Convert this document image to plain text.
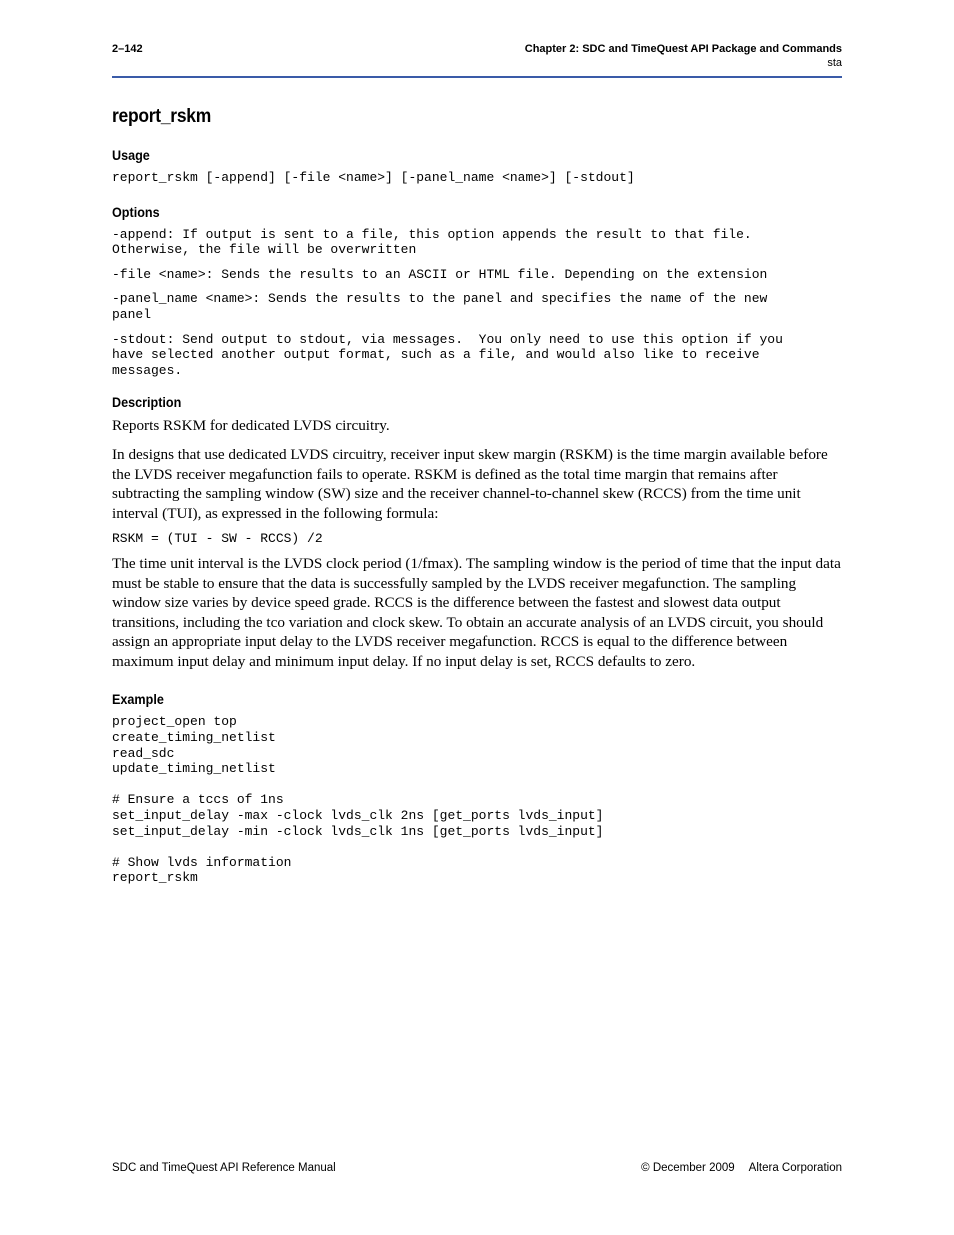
2–142	Chapter 2: SDC and TimeQuest API Package and Commands
sta
report_rskm
Usage

report_rskm [-append] [-file <name>] [-panel_name <name>] [-stdout]

Options

-append: If output is sent to a file, this option appends the result to that file.
Otherwise, the file will be overwritten

-file <name>: Sends the results to an ASCII or HTML file. Depending on the extension

-panel_name <name>: Sends the results to the panel and specifies the name of the new
panel

-stdout: Send output to stdout, via messages.  You only need to use this option if you
have selected another output format, such as a file, and would also like to receive
messages.

Description

Reports RSKM for dedicated LVDS circuitry.

In designs that use dedicated LVDS circuitry, receiver input skew margin (RSKM) is the time margin available before the LVDS receiver megafunction fails to operate. RSKM is defined as the total time margin that remains after subtracting the sampling window (SW) size and the receiver channel-to-channel skew (RCCS) from the time unit interval (TUI), as expressed in the following formula:

RSKM = (TUI - SW - RCCS) /2

The time unit interval is the LVDS clock period (1/fmax). The sampling window is the period of time that the input data must be stable to ensure that the data is successfully sampled by the LVDS receiver megafunction. The sampling window size varies by device speed grade. RCCS is the difference between the fastest and slowest data output transitions, including the tco variation and clock skew. To obtain an accurate analysis of an LVDS circuit, you should assign an appropriate input delay to the LVDS receiver megafunction. RCCS is equal to the difference between maximum input delay and minimum input delay. If no input delay is set, RCCS defaults to zero.

Example

project_open top
create_timing_netlist
read_sdc
update_timing_netlist

# Ensure a tccs of 1ns
set_input_delay -max -clock lvds_clk 2ns [get_ports lvds_input]
set_input_delay -min -clock lvds_clk 1ns [get_ports lvds_input]

# Show lvds information
report_rskm

SDC and TimeQuest API Reference Manual	© December 2009 Altera Corporation
